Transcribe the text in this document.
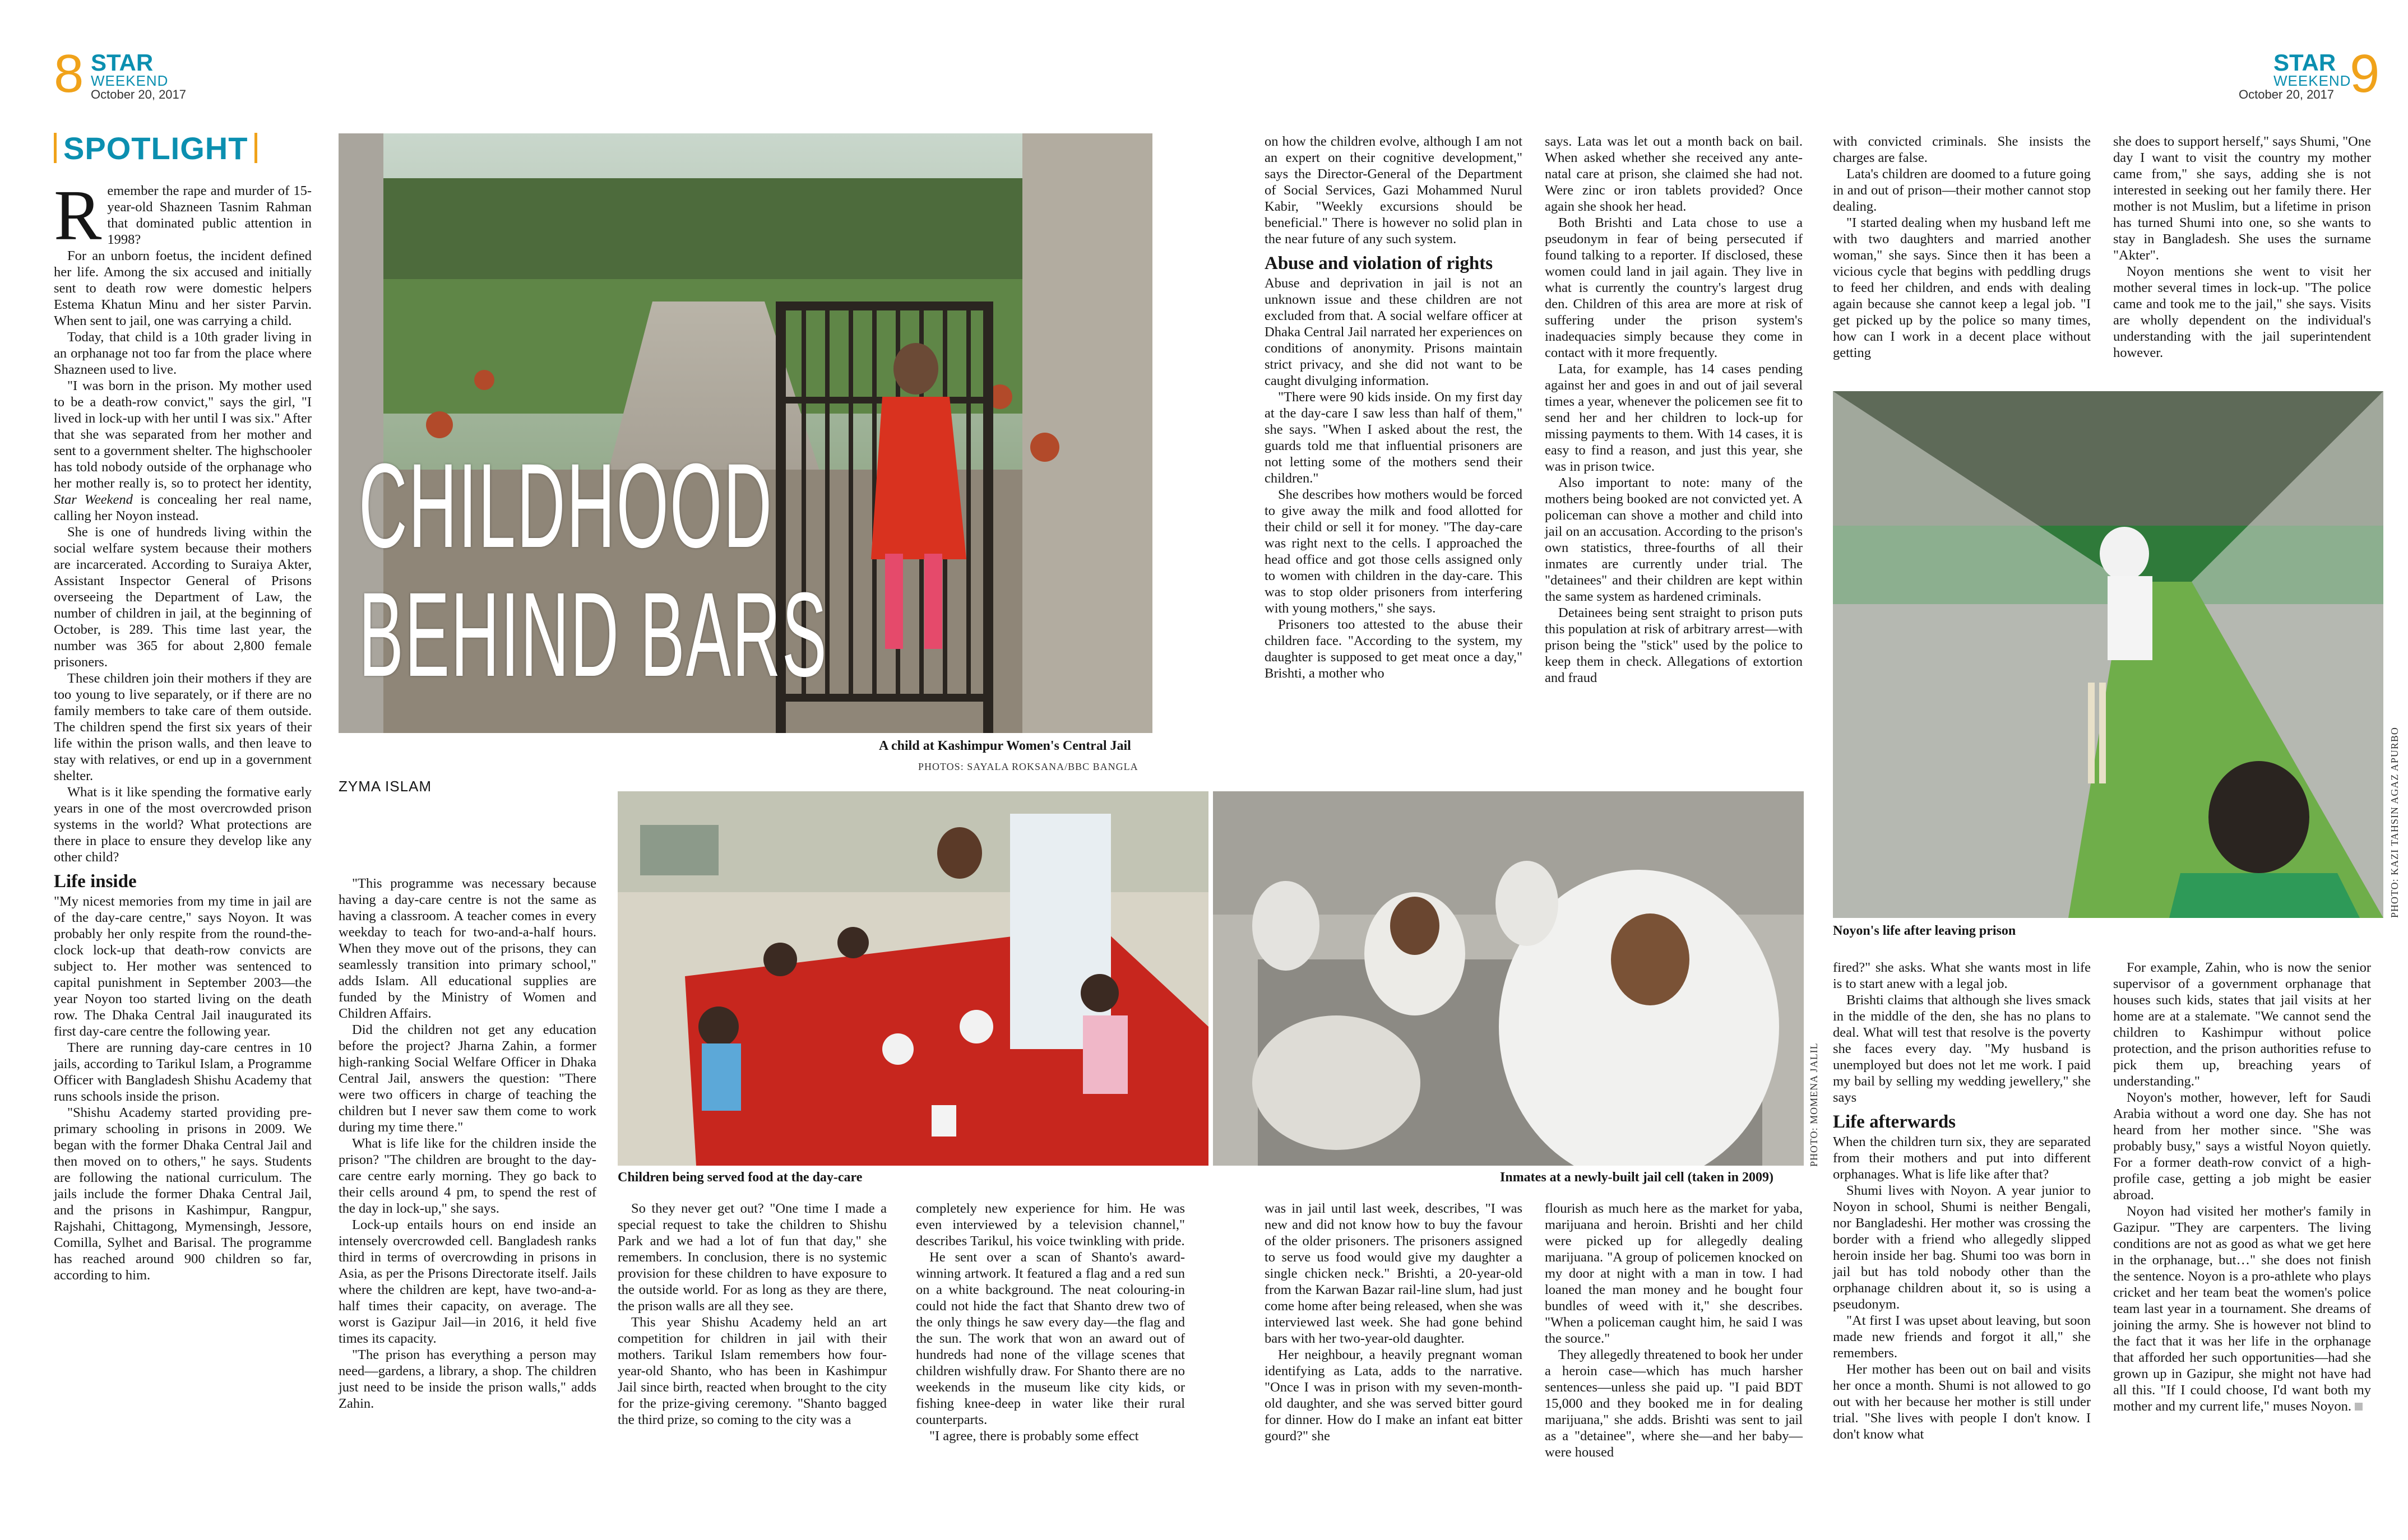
8 STAR
WEEKEND
October 20, 2017
STAR
WEEKEND
October 20, 2017 9
SPOTLIGHT
CHILDHOOD
BEHIND BARS
A child at Kashimpur Women's Central Jail
PHOTOS: SAYALA ROKSANA/BBC BANGLA
ZYMA ISLAM
Children being served food at the day-care
PHOTO: MOMENA JALIL
Inmates at a newly-built jail cell (taken in 2009)
PHOTO: KAZI TAHSIN AGAZ APURBO
Noyon's life after leaving prison

Remember the rape and murder of 15-year-old Shazneen Tasnim Rahman that dominated public attention in 1998?

For an unborn foetus, the incident defined her life. Among the six accused and initially sent to death row were domestic helpers Estema Khatun Minu and her sister Parvin. When sent to jail, one was carrying a child.

Today, that child is a 10th grader living in an orphanage not too far from the place where Shazneen used to live.

"I was born in the prison. My mother used to be a death-row convict," says the girl, "I lived in lock-up with her until I was six." After that she was separated from her mother and sent to a government shelter. The highschooler has told nobody outside of the orphanage who her mother really is, so to protect her identity, Star Weekend is concealing her real name, calling her Noyon instead.

She is one of hundreds living within the social welfare system because their mothers are incarcerated. According to Suraiya Akter, Assistant Inspector General of Prisons overseeing the Department of Law, the number of children in jail, at the beginning of October, is 289. This time last year, the number was 365 for about 2,800 female prisoners.

These children join their mothers if they are too young to live separately, or if there are no family members to take care of them outside. The children spend the first six years of their life within the prison walls, and then leave to stay with relatives, or end up in a government shelter.

What is it like spending the formative early years in one of the most overcrowded prison systems in the world? What protections are there in place to ensure they develop like any other child?

Life inside

"My nicest memories from my time in jail are of the day-care centre," says Noyon. It was probably her only respite from the round-the-clock lock-up that death-row convicts are subject to. Her mother was sentenced to capital punishment in September 2003—the year Noyon too started living on the death row. The Dhaka Central Jail inaugurated its first day-care centre the following year.

There are running day-care centres in 10 jails, according to Tarikul Islam, a Programme Officer with Bangladesh Shishu Academy that runs schools inside the prison.

"Shishu Academy started providing pre-primary schooling in prisons in 2009. We began with the former Dhaka Central Jail and then moved on to others," he says. Students are following the national curriculum. The jails include the former Dhaka Central Jail, and the prisons in Kashimpur, Rangpur, Rajshahi, Chittagong, Mymensingh, Jessore, Comilla, Sylhet and Barisal. The programme has reached around 900 children so far, according to him.

"This programme was necessary because having a day-care centre is not the same as having a classroom. A teacher comes in every weekday to teach for two-and-a-half hours. When they move out of the prisons, they can seamlessly transition into primary school," adds Islam. All educational supplies are funded by the Ministry of Women and Children Affairs.

Did the children not get any education before the project? Jharna Zahin, a former high-ranking Social Welfare Officer in Dhaka Central Jail, answers the question: "There were two officers in charge of teaching the children but I never saw them come to work during my time there."

What is life like for the children inside the prison? "The children are brought to the day-care centre early morning. They go back to their cells around 4 pm, to spend the rest of the day in lock-up," she says.

Lock-up entails hours on end inside an intensely overcrowded cell. Bangladesh ranks third in terms of overcrowding in prisons in Asia, as per the Prisons Directorate itself. Jails where the children are kept, have two-and-a-half times their capacity, on average. The worst is Gazipur Jail—in 2016, it held five times its capacity.

"The prison has everything a person may need—gardens, a library, a shop. The children just need to be inside the prison walls," adds Zahin.

So they never get out? "One time I made a special request to take the children to Shishu Park and we had a lot of fun that day," she remembers. In conclusion, there is no systemic provision for these children to have exposure to the outside world. For as long as they are there, the prison walls are all they see.

This year Shishu Academy held an art competition for children in jail with their mothers. Tarikul Islam remembers how four-year-old Shanto, who has been in Kashimpur Jail since birth, reacted when brought to the city for the prize-giving ceremony. "Shanto bagged the third prize, so coming to the city was a

completely new experience for him. He was even interviewed by a television channel," describes Tarikul, his voice twinkling with pride.

He sent over a scan of Shanto's award-winning artwork. It featured a flag and a red sun on a white background. The neat colouring-in could not hide the fact that Shanto drew two of the only things he saw every day—the flag and the sun. The work that won an award out of hundreds had none of the village scenes that children wishfully draw. For Shanto there are no weekends in the museum like city kids, or fishing knee-deep in water like their rural counterparts.

"I agree, there is probably some effect

on how the children evolve, although I am not an expert on their cognitive development," says the Director-General of the Department of Social Services, Gazi Mohammed Nurul Kabir, "Weekly excursions should be beneficial." There is however no solid plan in the near future of any such system.

Abuse and violation of rights

Abuse and deprivation in jail is not an unknown issue and these children are not excluded from that. A social welfare officer at Dhaka Central Jail narrated her experiences on conditions of anonymity. Prisons maintain strict privacy, and she did not want to be caught divulging information.

"There were 90 kids inside. On my first day at the day-care I saw less than half of them," she says. "When I asked about the rest, the guards told me that influential prisoners are not letting some of the mothers send their children."

She describes how mothers would be forced to give away the milk and food allotted for their child or sell it for money. "The day-care was right next to the cells. I approached the head office and got those cells assigned only to women with children in the day-care. This was to stop older prisoners from interfering with young mothers," she says.

Prisoners too attested to the abuse their children face. "According to the system, my daughter is supposed to get meat once a day," Brishti, a mother who

was in jail until last week, describes, "I was new and did not know how to buy the favour of the older prisoners. The prisoners assigned to serve us food would give my daughter a single chicken neck." Brishti, a 20-year-old from the Karwan Bazar rail-line slum, had just come home after being released, when she was interviewed last week. She had gone behind bars with her two-year-old daughter.

Her neighbour, a heavily pregnant woman identifying as Lata, adds to the narrative. "Once I was in prison with my seven-month-old daughter, and she was served bitter gourd for dinner. How do I make an infant eat bitter gourd?" she

says. Lata was let out a month back on bail. When asked whether she received any ante-natal care at prison, she claimed she had not. Were zinc or iron tablets provided? Once again she shook her head.

Both Brishti and Lata chose to use a pseudonym in fear of being persecuted if found talking to a reporter. If disclosed, these women could land in jail again. They live in what is currently the country's largest drug den. Children of this area are more at risk of suffering under the prison system's inadequacies simply because they come in contact with it more frequently.

Lata, for example, has 14 cases pending against her and goes in and out of jail several times a year, whenever the policemen see fit to send her and her children to lock-up for missing payments to them. With 14 cases, it is easy to find a reason, and just this year, she was in prison twice.

Also important to note: many of the mothers being booked are not convicted yet. A policeman can shove a mother and child into jail on an accusation. According to the prison's own statistics, three-fourths of all their inmates are currently under trial. The "detainees" and their children are kept within the same system as hardened criminals.

Detainees being sent straight to prison puts this population at risk of arbitrary arrest—with prison being the "stick" used by the police to keep them in check. Allegations of extortion and fraud

flourish as much here as the market for yaba, marijuana and heroin. Brishti and her child were picked up for allegedly dealing marijuana. "A group of policemen knocked on my door at night with a man in tow. I had loaned the man money and he bought four bundles of weed with it," she describes. "When a policeman caught him, he said I was the source."

They allegedly threatened to book her under a heroin case—which has much harsher sentences—unless she paid up. "I paid BDT 15,000 and they booked me in for dealing marijuana," she adds. Brishti was sent to jail as a "detainee", where she—and her baby—were housed

with convicted criminals. She insists the charges are false.

Lata's children are doomed to a future going in and out of prison—their mother cannot stop dealing.

"I started dealing when my husband left me with two daughters and married another woman," she says. Since then it has been a vicious cycle that begins with peddling drugs to feed her children, and ends with dealing again because she cannot keep a legal job. "I get picked up by the police so many times, how can I work in a decent place without getting

she does to support herself," says Shumi, "One day I want to visit the country my mother came from," she says, adding she is not interested in seeking out her family there. Her mother is not Muslim, but a lifetime in prison has turned Shumi into one, so she wants to stay in Bangladesh. She uses the surname "Akter".

Noyon mentions she went to visit her mother several times in lock-up. "The police came and took me to the jail," she says. Visits are wholly dependent on the individual's understanding with the jail superintendent however.

fired?" she asks. What she wants most in life is to start anew with a legal job.

Brishti claims that although she lives smack in the middle of the den, she has no plans to deal. What will test that resolve is the poverty she faces every day. "My husband is unemployed but does not let me work. I paid my bail by selling my wedding jewellery," she says

Life afterwards

When the children turn six, they are separated from their mothers and put into different orphanages. What is life like after that?

Shumi lives with Noyon. A year junior to Noyon in school, Shumi is neither Bengali, nor Bangladeshi. Her mother was crossing the border with a friend who allegedly slipped heroin inside her bag. Shumi too was born in jail but has told nobody other than the orphanage children about it, so is using a pseudonym.

"At first I was upset about leaving, but soon made new friends and forgot it all," she remembers.

Her mother has been out on bail and visits her once a month. Shumi is not allowed to go out with her because her mother is still under trial. "She lives with people I don't know. I don't know what

For example, Zahin, who is now the senior supervisor of a government orphanage that houses such kids, states that jail visits at her home are at a stalemate. "We cannot send the children to Kashimpur without police protection, and the prison authorities refuse to pick them up, breaching years of understanding."

Noyon's mother, however, left for Saudi Arabia without a word one day. She has not heard from her mother since. "She was probably busy," says a wistful Noyon quietly. For a former death-row convict of a high-profile case, getting a job might be easier abroad.

Noyon had visited her mother's family in Gazipur. "They are carpenters. The living conditions are not as good as what we get here in the orphanage, but…" she does not finish the sentence. Noyon is a pro-athlete who plays cricket and her team beat the women's police team last year in a tournament. She dreams of joining the army. She is however not blind to the fact that it was her life in the orphanage that afforded her such opportunities—had she grown up in Gazipur, she might not have had all this. "If I could choose, I'd want both my mother and my current life," muses Noyon.
